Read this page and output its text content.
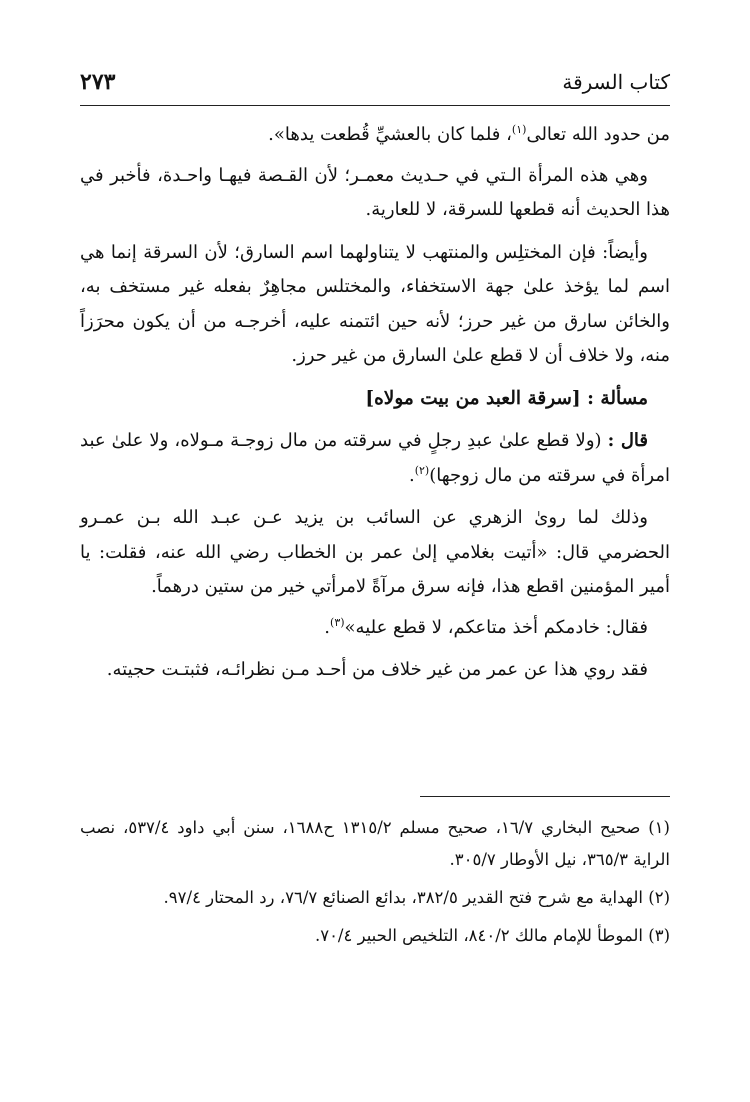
كتاب السرقة
٢٧٣

من حدود الله تعالى$^{(١)}$، فلما كان بالعشيِّ قُطعت يدها».

وهي هذه المرأة الـتي في حـديث معمـر؛ لأن القـصة فيهـا واحـدة، فأخبر في هذا الحديث أنه قطعها للسرقة، لا للعارية.

وأيضاً: فإن المختلِس والمنتهب لا يتناولهما اسم السارق؛ لأن السرقة إنما هي اسم لما يؤخذ علىٰ جهة الاستخفاء، والمختلس مجاهِرٌ بفعله غير مستخف به، والخائن سارق من غير حرز؛ لأنه حين ائتمنه عليه، أخرجـه من أن يكون محرَزاً منه، ولا خلاف أن لا قطع علىٰ السارق من غير حرز.

مسألة : [سرقة العبد من بيت مولاه]

قال : (ولا قطع علىٰ عبدِ رجلٍ في سرقته من مال زوجـة مـولاه، ولا علىٰ عبد امرأة في سرقته من مال زوجها)$^{(٢)}$.

وذلك لما روىٰ الزهري عن السائب بن يزيد عـن عبـد الله بـن عمـرو الحضرمي قال: «أتيت بغلامي إلىٰ عمر بن الخطاب رضي الله عنه، فقلت: يا أمير المؤمنين اقطع هذا، فإنه سرق مرآةً لامرأتي خير من ستين درهماً.

فقال: خادمكم أخذ متاعكم، لا قطع عليه»$^{(٣)}$.

فقد روي هذا عن عمر من غير خلاف من أحـد مـن نظرائـه، فثبتـت حجيته.

(١) صحيح البخاري ١٦/٧، صحيح مسلم ١٣١٥/٢ ح١٦٨٨، سنن أبي داود ٥٣٧/٤، نصب الراية ٣٦٥/٣، نيل الأوطار ٣٠٥/٧.

(٢) الهداية مع شرح فتح القدير ٣٨٢/٥، بدائع الصنائع ٧٦/٧، رد المحتار ٩٧/٤.

(٣) الموطأ للإمام مالك ٨٤٠/٢، التلخيص الحبير ٧٠/٤.
